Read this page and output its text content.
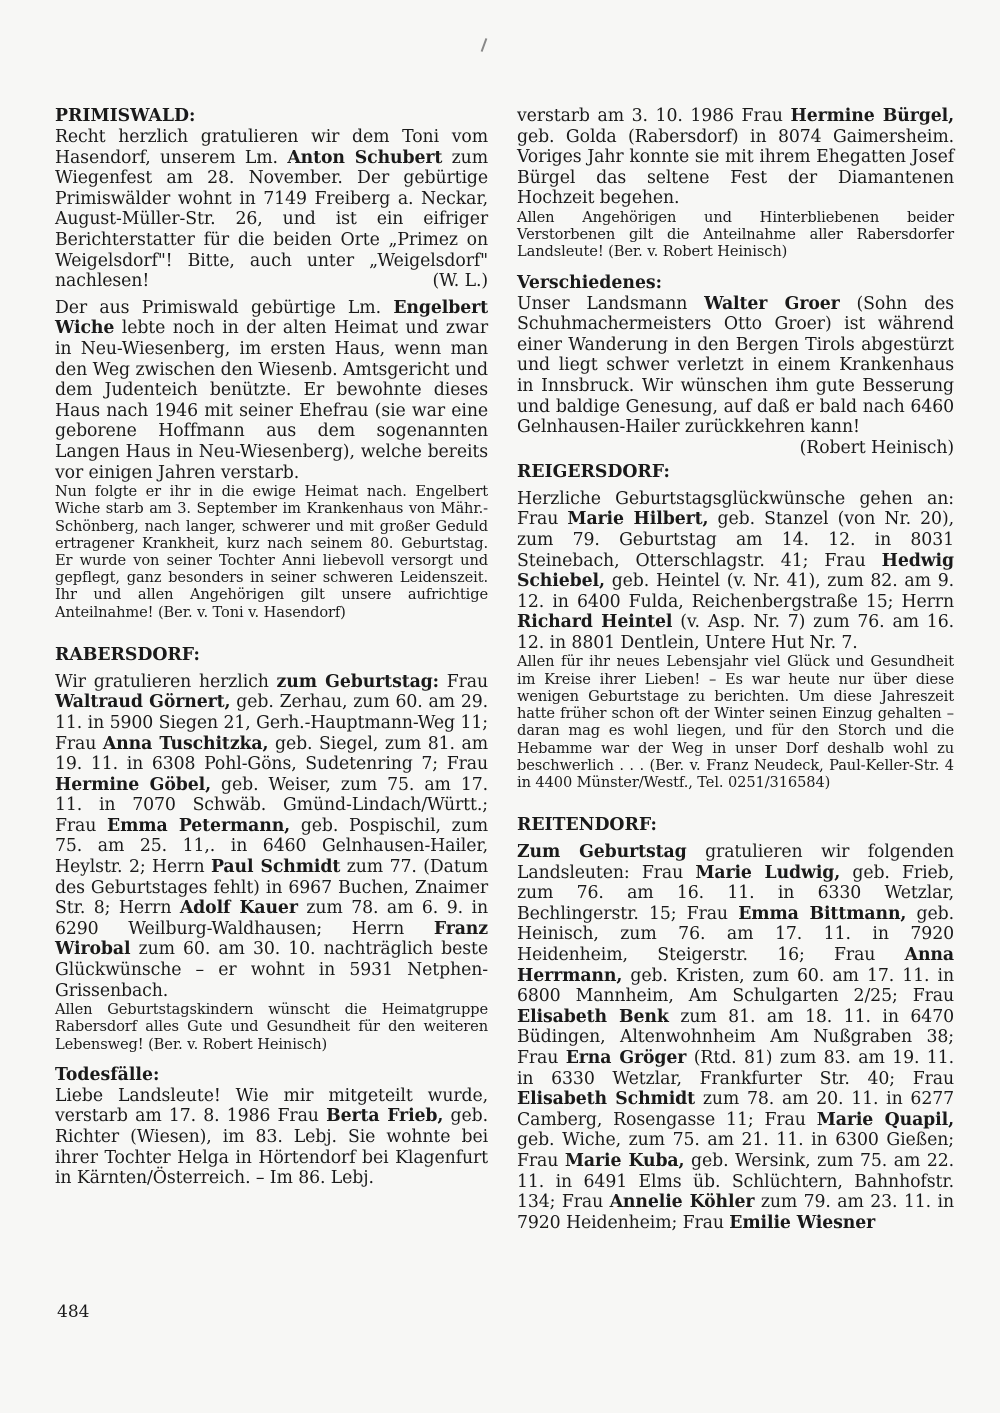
PRIMISWALD:

Recht herzlich gratulieren wir dem Toni vom Hasendorf, unserem Lm. Anton Schubert zum Wiegenfest am 28. November. Der gebürtige Primiswälder wohnt in 7149 Freiberg a. Neckar, August-Müller-Str. 26, und ist ein eifriger Berichterstatter für die beiden Orte „Primez on Weigelsdorf"! Bitte, auch unter „Weigelsdorf" nachlesen!	(W. L.)

Der aus Primiswald gebürtige Lm. Engelbert Wiche lebte noch in der alten Heimat und zwar in Neu-Wiesenberg, im ersten Haus, wenn man den Weg zwischen den Wiesenb. Amtsgericht und dem Judenteich benützte. Er bewohnte dieses Haus nach 1946 mit seiner Ehefrau (sie war eine geborene Hoffmann aus dem sogenannten Langen Haus in Neu-Wiesenberg), welche bereits vor einigen Jahren verstarb.

Nun folgte er ihr in die ewige Heimat nach. Engelbert Wiche starb am 3. September im Krankenhaus von Mähr.-Schönberg, nach langer, schwerer und mit großer Geduld ertragener Krankheit, kurz nach seinem 80. Geburtstag. Er wurde von seiner Tochter Anni liebevoll versorgt und gepflegt, ganz besonders in seiner schweren Leidenszeit. Ihr und allen Angehörigen gilt unsere aufrichtige Anteilnahme! (Ber. v. Toni v. Hasendorf)

RABERSDORF:

Wir gratulieren herzlich zum Geburtstag: Frau Waltraud Görnert, geb. Zerhau, zum 60. am 29. 11. in 5900 Siegen 21, Gerh.-Hauptmann-Weg 11; Frau Anna Tuschitzka, geb. Siegel, zum 81. am 19. 11. in 6308 Pohl-Göns, Sudetenring 7; Frau Hermine Göbel, geb. Weiser, zum 75. am 17. 11. in 7070 Schwäb. Gmünd-Lindach/Württ.; Frau Emma Petermann, geb. Pospischil, zum 75. am 25. 11,. in 6460 Gelnhausen-Hailer, Heylstr. 2; Herrn Paul Schmidt zum 77. (Datum des Geburtstages fehlt) in 6967 Buchen, Znaimer Str. 8; Herrn Adolf Kauer zum 78. am 6. 9. in 6290 Weilburg-Waldhausen; Herrn Franz Wirobal zum 60. am 30. 10. nachträglich beste Glückwünsche – er wohnt in 5931 Netphen-Grissenbach.

Allen Geburtstagskindern wünscht die Heimatgruppe Rabersdorf alles Gute und Gesundheit für den weiteren Lebensweg! (Ber. v. Robert Heinisch)

Todesfälle:

Liebe Landsleute! Wie mir mitgeteilt wurde, verstarb am 17. 8. 1986 Frau Berta Frieb, geb. Richter (Wiesen), im 83. Lebj. Sie wohnte bei ihrer Tochter Helga in Hörtendorf bei Klagenfurt in Kärnten/Österreich. – Im 86. Lebj.

verstarb am 3. 10. 1986 Frau Hermine Bürgel, geb. Golda (Rabersdorf) in 8074 Gaimersheim. Voriges Jahr konnte sie mit ihrem Ehegatten Josef Bürgel das seltene Fest der Diamantenen Hochzeit begehen.

Allen Angehörigen und Hinterbliebenen beider Verstorbenen gilt die Anteilnahme aller Rabersdorfer Landsleute! (Ber. v. Robert Heinisch)

Verschiedenes:

Unser Landsmann Walter Groer (Sohn des Schuhmachermeisters Otto Groer) ist während einer Wanderung in den Bergen Tirols abgestürzt und liegt schwer verletzt in einem Krankenhaus in Innsbruck. Wir wünschen ihm gute Besserung und baldige Genesung, auf daß er bald nach 6460 Gelnhausen-Hailer zurückkehren kann!
(Robert Heinisch)

REIGERSDORF:

Herzliche Geburtstagsglückwünsche gehen an: Frau Marie Hilbert, geb. Stanzel (von Nr. 20), zum 79. Geburtstag am 14. 12. in 8031 Steinebach, Otterschlagstr. 41; Frau Hedwig Schiebel, geb. Heintel (v. Nr. 41), zum 82. am 9. 12. in 6400 Fulda, Reichenbergstraße 15; Herrn Richard Heintel (v. Asp. Nr. 7) zum 76. am 16. 12. in 8801 Dentlein, Untere Hut Nr. 7.

Allen für ihr neues Lebensjahr viel Glück und Gesundheit im Kreise ihrer Lieben! – Es war heute nur über diese wenigen Geburtstage zu berichten. Um diese Jahreszeit hatte früher schon oft der Winter seinen Einzug gehalten – daran mag es wohl liegen, und für den Storch und die Hebamme war der Weg in unser Dorf deshalb wohl zu beschwerlich . . . (Ber. v. Franz Neudeck, Paul-Keller-Str. 4 in 4400 Münster/Westf., Tel. 0251/316584)

REITENDORF:

Zum Geburtstag gratulieren wir folgenden Landsleuten: Frau Marie Ludwig, geb. Frieb, zum 76. am 16. 11. in 6330 Wetzlar, Bechlingerstr. 15; Frau Emma Bittmann, geb. Heinisch, zum 76. am 17. 11. in 7920 Heidenheim, Steigerstr. 16; Frau Anna Herrmann, geb. Kristen, zum 60. am 17. 11. in 6800 Mannheim, Am Schulgarten 2/25; Frau Elisabeth Benk zum 81. am 18. 11. in 6470 Büdingen, Altenwohnheim Am Nußgraben 38; Frau Erna Gröger (Rtd. 81) zum 83. am 19. 11. in 6330 Wetzlar, Frankfurter Str. 40; Frau Elisabeth Schmidt zum 78. am 20. 11. in 6277 Camberg, Rosengasse 11; Frau Marie Quapil, geb. Wiche, zum 75. am 21. 11. in 6300 Gießen; Frau Marie Kuba, geb. Wersink, zum 75. am 22. 11. in 6491 Elms üb. Schlüchtern, Bahnhofstr. 134; Frau Annelie Köhler zum 79. am 23. 11. in 7920 Heidenheim; Frau Emilie Wiesner

484
